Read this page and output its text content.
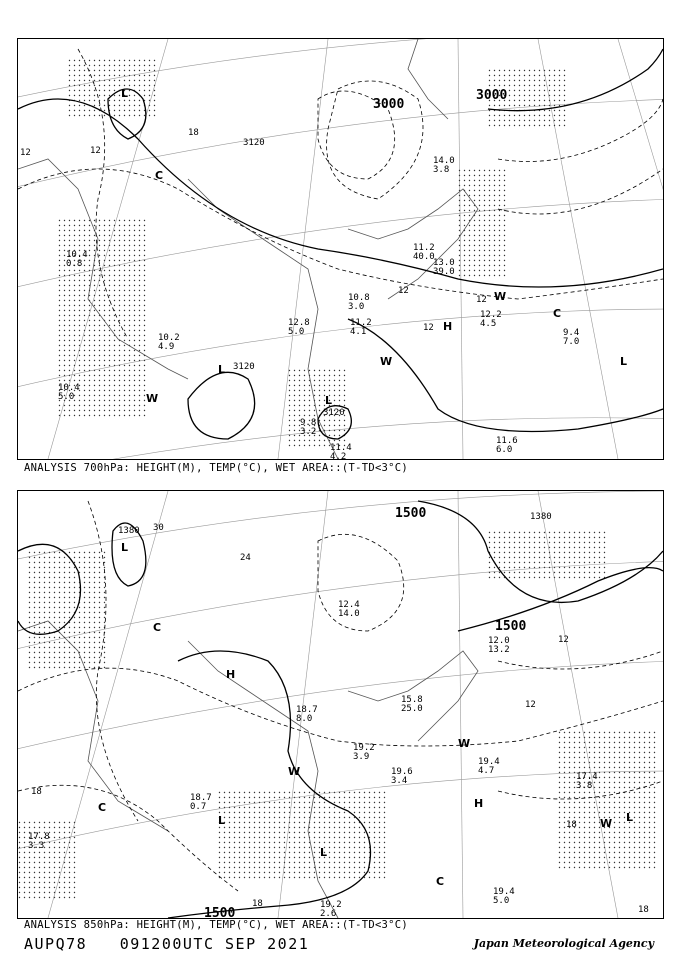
3000
3000
3120
3120
3120
L
L
L
L
H
C
C
W
W
W
12
12
12
12
12
18
11.2
40.0
13.0
39.0
12.2
4.5
9.4
7.0
10.8
3.0
11.2
4.1
11.6
6.0
11.4
4.2
9.8
3.2
10.4
5.0
10.2
4.9
10.4
0.8
14.0
3.8
12.8
5.0
ANALYSIS 700hPa: HEIGHT(M), TEMP(°C), WET AREA::(T-TD<3°C)
1500
1500
1500
1380
1380
L
L
L
L
H
H
C
C
C
W
W
W
30
24
18
18
18
12
12
18
15.8
25.0
12.4
14.0
18.7
8.0
19.2
3.9
19.6
3.4	17.4
3.8
19.4
5.0
19.4
4.7
19.2
2.6
18.7
0.7
17.8
3.3
12.0
13.2
ANALYSIS 850hPa: HEIGHT(M), TEMP(°C), WET AREA::(T-TD<3°C)
AUPQ78 091200UTC SEP 2021	Japan Meteorological Agency
